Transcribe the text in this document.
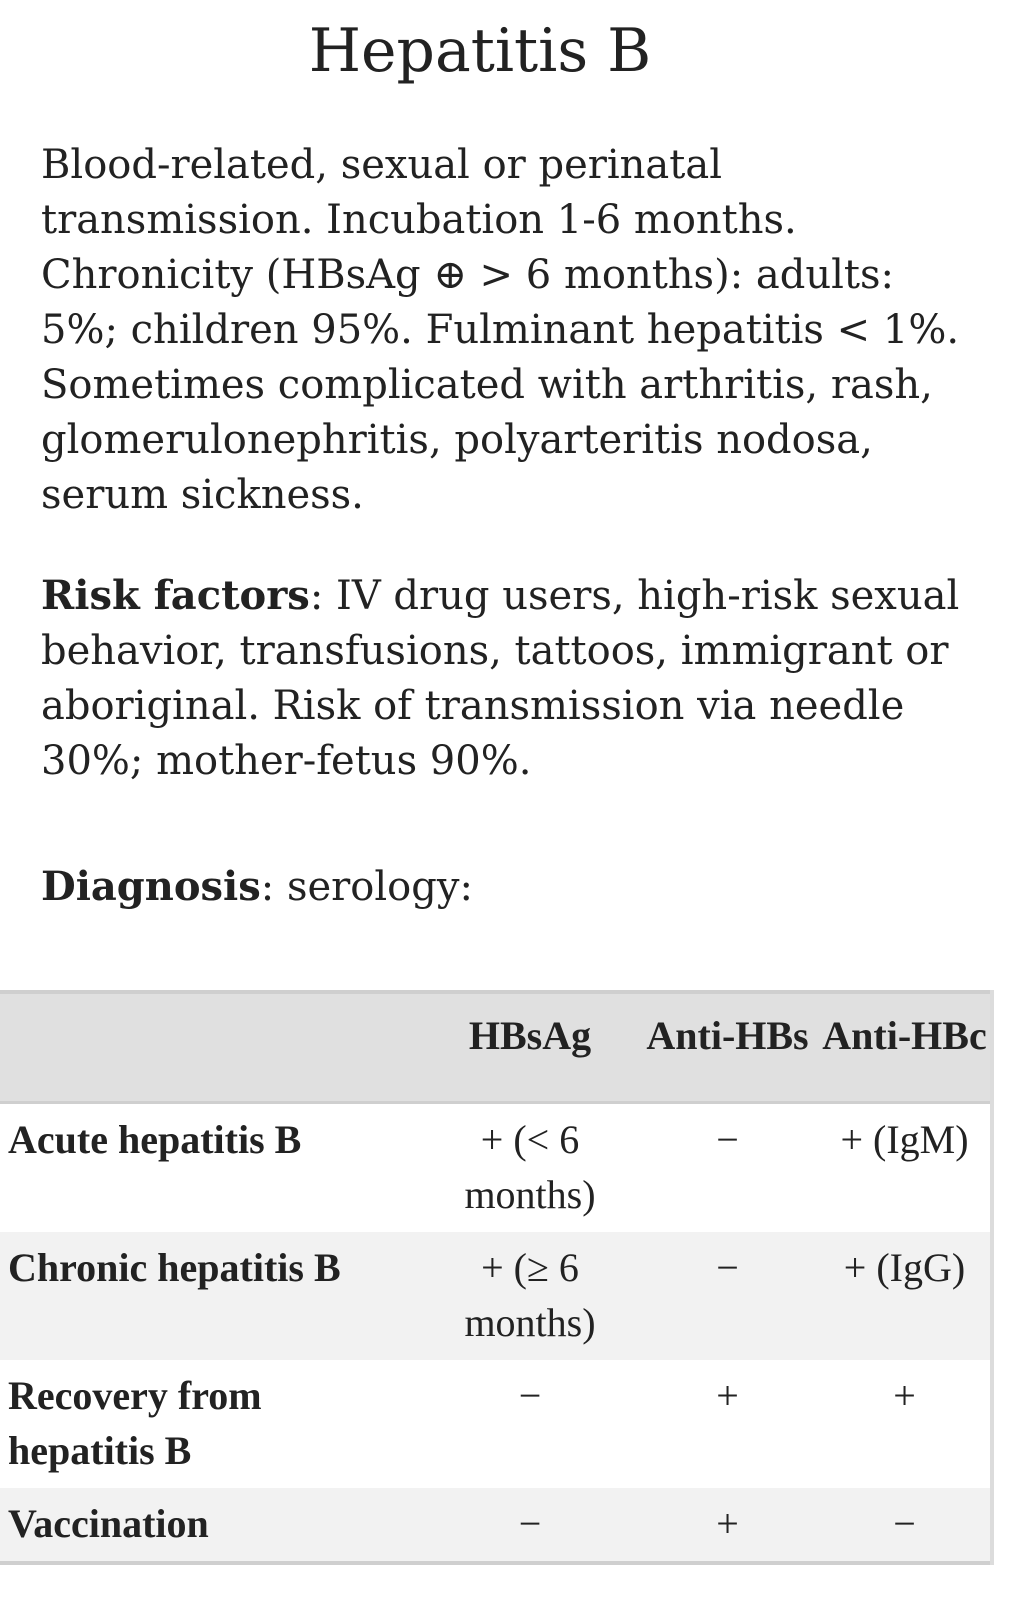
Hepatitis B

Blood-related, sexual or perinatal transmission. Incubation 1-6 months. Chronicity (HBsAg ⊕ > 6 months): adults: 5%; children 95%. Fulminant hepatitis < 1%. Sometimes complicated with arthritis, rash, glomerulonephritis, polyarteritis nodosa, serum sickness.

Risk factors: IV drug users, high-risk sexual behavior, transfusions, tattoos, immigrant or aboriginal. Risk of transmission via needle 30%; mother-fetus 90%.

Diagnosis: serology:

	HBsAg	Anti-HBs	Anti-HBc
Acute hepatitis B	+ (< 6 months)	−	+ (IgM)
Chronic hepatitis B	+ (≥ 6 months)	−	+ (IgG)
Recovery from hepatitis B	−	+	+
Vaccination	−	+	−
